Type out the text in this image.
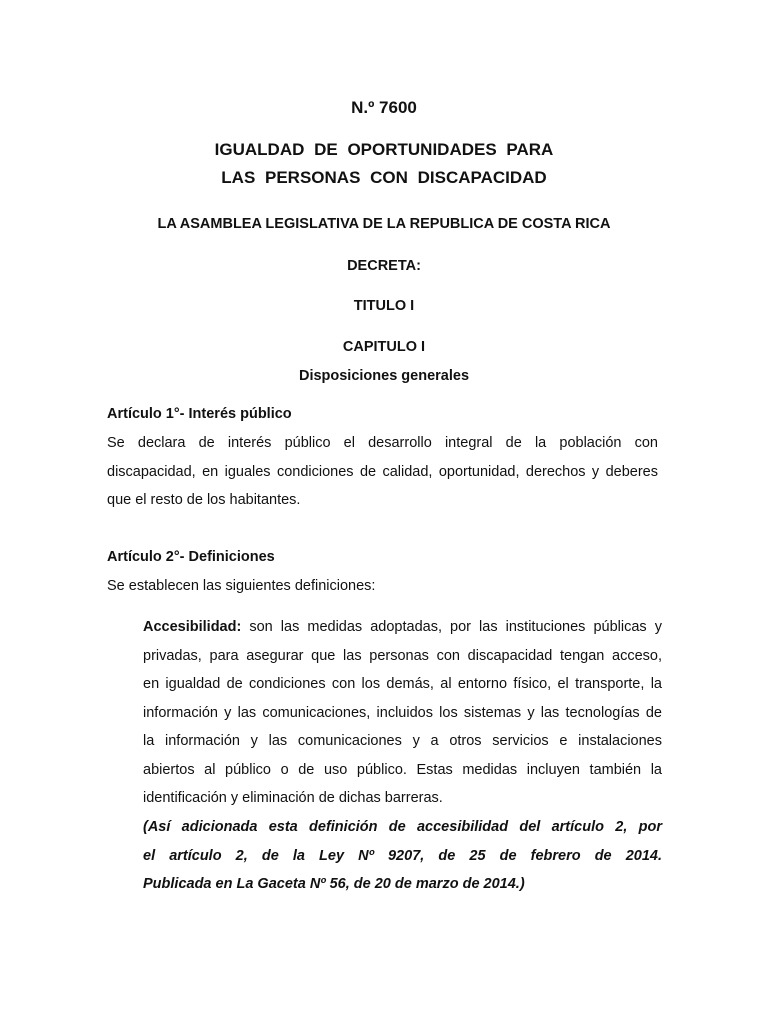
N.º 7600
IGUALDAD DE OPORTUNIDADES PARA
LAS PERSONAS CON DISCAPACIDAD
LA ASAMBLEA LEGISLATIVA DE LA REPUBLICA DE COSTA RICA
DECRETA:
TITULO I
CAPITULO I
Disposiciones generales
Artículo 1°- Interés público
Se declara de interés público el desarrollo integral de la población con
discapacidad, en iguales condiciones de calidad, oportunidad, derechos y deberes
que el resto de los habitantes.
Artículo 2°- Definiciones
Se establecen las siguientes definiciones:
Accesibilidad: son las medidas adoptadas, por las instituciones públicas y
privadas, para asegurar que las personas con discapacidad tengan acceso,
en igualdad de condiciones con los demás, al entorno físico, el transporte, la
información y las comunicaciones, incluidos los sistemas y las tecnologías de
la información y las comunicaciones y a otros servicios e instalaciones
abiertos al público o de uso público. Estas medidas incluyen también la
identificación y eliminación de dichas barreras.
(Así adicionada esta definición de accesibilidad del artículo 2, por
el artículo 2, de la Ley Nº 9207, de 25 de febrero de 2014.
Publicada en La Gaceta Nº 56, de 20 de marzo de 2014.)
